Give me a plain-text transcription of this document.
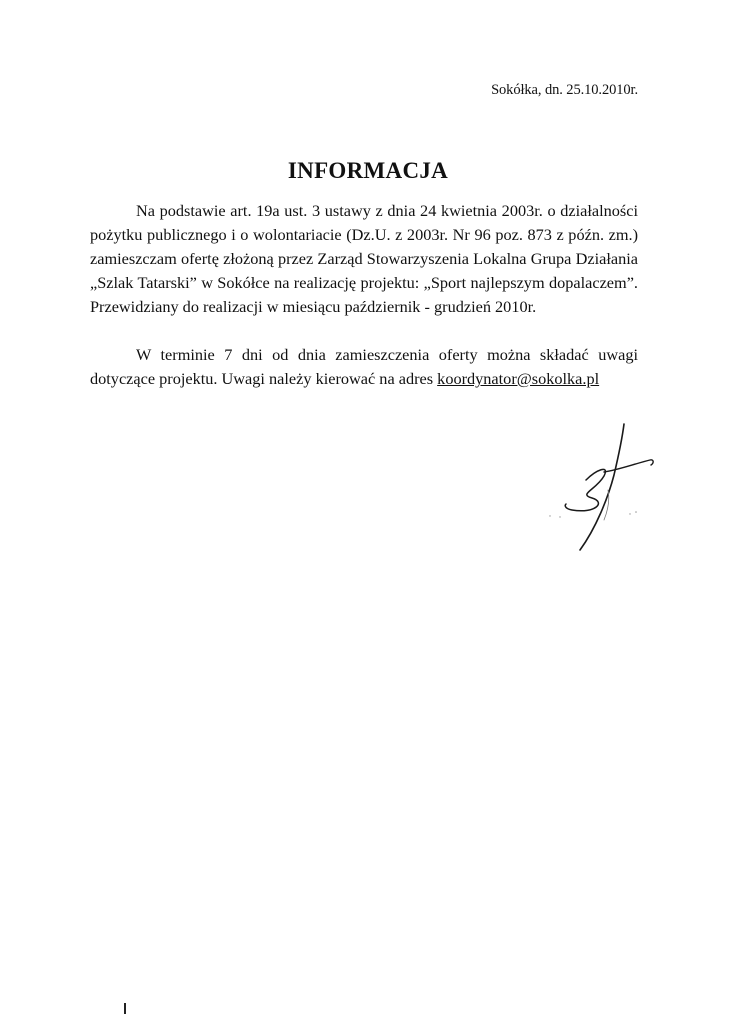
Sokółka, dn. 25.10.2010r.
INFORMACJA

Na podstawie art. 19a ust. 3 ustawy z dnia 24 kwietnia 2003r. o działalności pożytku publicznego i o wolontariacie (Dz.U. z 2003r. Nr 96 poz. 873 z późn. zm.) zamieszczam ofertę złożoną przez Zarząd Stowarzyszenia Lokalna Grupa Działania „Szlak Tatarski” w Sokółce na realizację projektu: „Sport najlepszym dopalaczem”. Przewidziany do realizacji w miesiącu październik - grudzień 2010r.

W terminie 7 dni od dnia zamieszczenia oferty można składać uwagi dotyczące projektu. Uwagi należy kierować na adres koordynator@sokolka.pl
